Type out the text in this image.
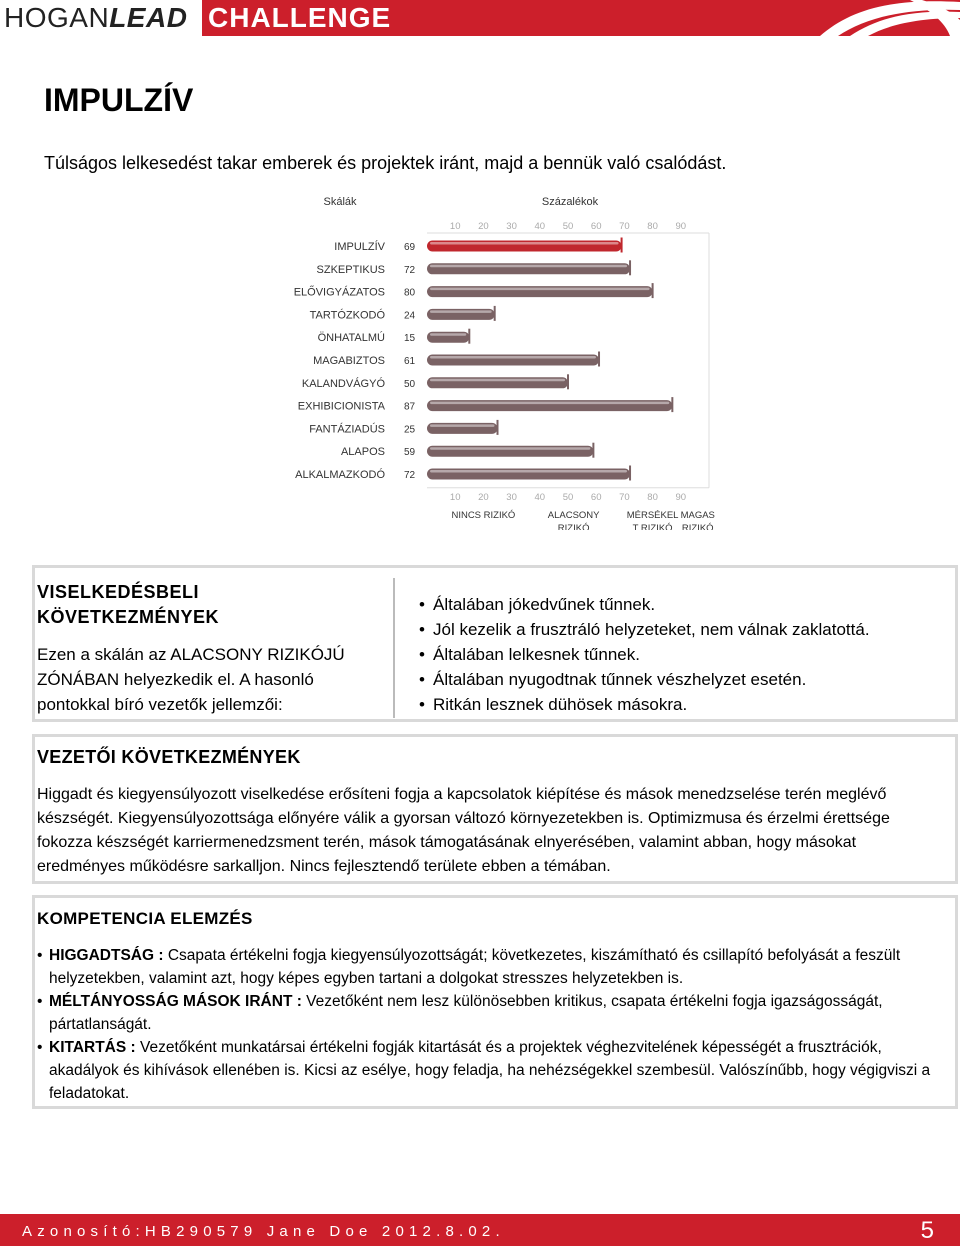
HOGANLEAD CHALLENGE
IMPULZÍV
Túlságos lelkesedést takar emberek és projektek iránt, majd a bennük való csalódást.
Skálák	Százalékok
10
10
20
20
30
30
40
40
50
50
60
60
70
70
80
80
90
90
IMPULZÍV 69
SZKEPTIKUS 72
ELŐVIGYÁZATOS 80
TARTÓZKODÓ 24
ÖNHATALMÚ 15
MAGABIZTOS 61
KALANDVÁGYÓ 50
EXHIBICIONISTA 87
FANTÁZIADÚS 25
ALAPOS 59
ALKALMAZKODÓ 72
NINCS RIZIKÓ	ALACSONY
RIZIKÓ
MÉRSÉKEL
T RIZIKÓ
MAGAS
RIZIKÓ
VISELKEDÉSBELI
KÖVETKEZMÉNYEK
Ezen a skálán az ALACSONY RIZIKÓJÚ ZÓNÁBAN helyezkedik el. A hasonló pontokkal bíró vezetők jellemzői:
• Általában jókedvűnek tűnnek.
• Jól kezelik a frusztráló helyzeteket, nem válnak zaklatottá.
• Általában lelkesnek tűnnek.
• Általában nyugodtnak tűnnek vészhelyzet esetén.
• Ritkán lesznek dühösek másokra.
VEZETŐI KÖVETKEZMÉNYEK
Higgadt és kiegyensúlyozott viselkedése erősíteni fogja a kapcsolatok kiépítése és mások menedzselése terén meglévő készségét. Kiegyensúlyozottsága előnyére válik a gyorsan változó környezetekben is. Optimizmusa és érzelmi érettsége fokozza készségét karriermenedzsment terén, mások támogatásának elnyerésében, valamint abban, hogy másokat eredményes működésre sarkalljon. Nincs fejlesztendő területe ebben a témában.
KOMPETENCIA ELEMZÉS
• HIGGADTSÁG : Csapata értékelni fogja kiegyensúlyozottságát; következetes, kiszámítható és csillapító befolyását a feszült helyzetekben, valamint azt, hogy képes egyben tartani a dolgokat stresszes helyzetekben is.
• MÉLTÁNYOSSÁG MÁSOK IRÁNT : Vezetőként nem lesz különösebben kritikus, csapata értékelni fogja igazságosságát, pártatlanságát.
• KITARTÁS : Vezetőként munkatársai értékelni fogják kitartását és a projektek véghezvitelének képességét a frusztrációk, akadályok és kihívások ellenében is. Kicsi az esélye, hogy feladja, ha nehézségekkel szembesül. Valószínűbb, hogy végigviszi a feladatokat.
Azonosító:HB290579 Jane Doe 2012.8.02.	5
